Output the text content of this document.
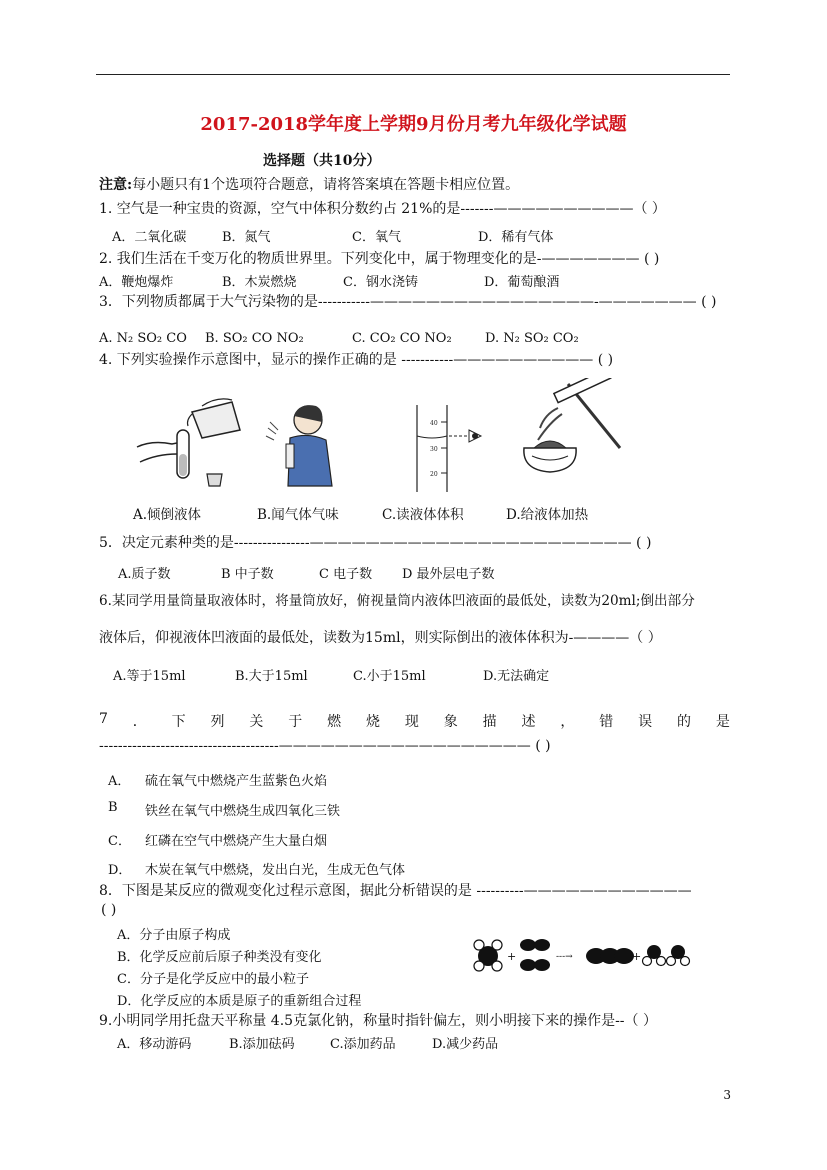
2017-2018学年度上学期9月份月考九年级化学试题
选择题（共10分）
注意:每小题只有1个选项符合题意，请将答案填在答题卡相应位置。
1. 空气是一种宝贵的资源，空气中体积分数约占 21%的是-------——————————（ ）
A．二氧化碳	B．氮气	C．氧气	D．稀有气体
2. 我们生活在千变万化的物质世界里。下列变化中，属于物理变化的是-——————— ( )
A．鞭炮爆炸	B．木炭燃烧	C．钢水浇铸	D．葡萄酿酒
3．下列物质都属于大气污染物的是-----------————————————————-——————— ( )
A. N₂ SO₂ CO B. SO₂ CO NO₂	C. CO₂ CO NO₂	D. N₂ SO₂ CO₂
4. 下列实验操作示意图中，显示的操作正确的是 -----------—————————— ( )
40
30
20
A.倾倒液体	B.闻气体气味	C.读液体体积	D.给液体加热
5．决定元素种类的是----------------——————————————————————— ( )
A.质子数	B 中子数	C 电子数 D 最外层电子数
6.某同学用量筒量取液体时，将量筒放好，俯视量筒内液体凹液面的最低处，读数为20ml;倒出部分
液体后，仰视液体凹液面的最低处，读数为15ml，则实际倒出的液体体积为-————（ ）
A.等于15ml	B.大于15ml	C.小于15ml	D.无法确定
7 ． 下 列 关 于 燃 烧 现 象 描 述 ， 错 误 的 是
--------------------------------------—————————————————— ( )
A． 硫在氧气中燃烧产生蓝紫色火焰
B 铁丝在氧气中燃烧生成四氧化三铁
C． 红磷在空气中燃烧产生大量白烟
D． 木炭在氧气中燃烧，发出白光，生成无色气体
8．下图是某反应的微观变化过程示意图，据此分析错误的是 ----------————————————
( )
A．分子由原子构成
B．化学反应前后原子种类没有变化
C．分子是化学反应中的最小粒子
D．化学反应的本质是原子的重新组合过程
+	---→	+
9.小明同学用托盘天平称量 4.5克氯化钠，称量时指针偏左，则小明接下来的操作是--（ ）
A．移动游码	B.添加砝码	C.添加药品	D.减少药品
3
